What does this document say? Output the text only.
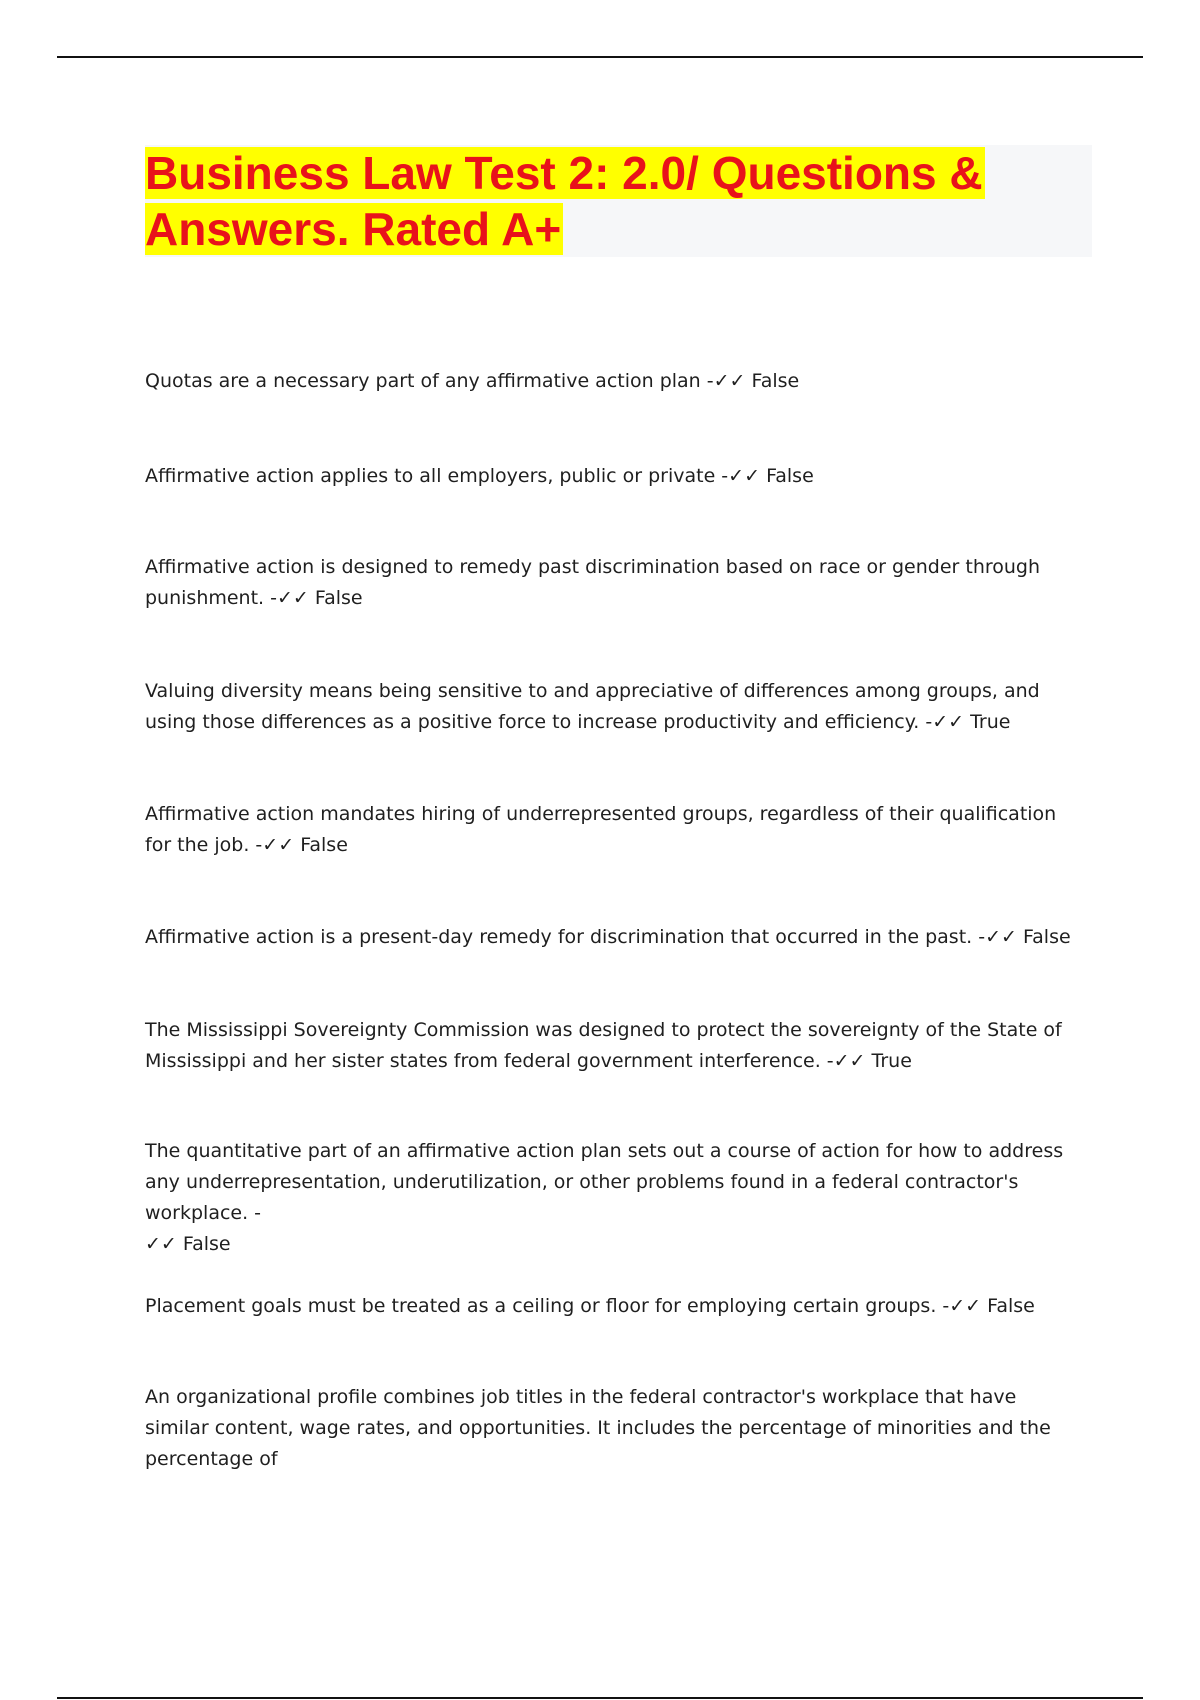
Business Law Test 2: 2.0/ Questions &
Answers. Rated A+

Quotas are a necessary part of any affirmative action plan -✓✓ False

Affirmative action applies to all employers, public or private -✓✓ False

Affirmative action is designed to remedy past discrimination based on race or gender through punishment. -✓✓ False

Valuing diversity means being sensitive to and appreciative of differences among groups, and using those differences as a positive force to increase productivity and efficiency. -✓✓ True

Affirmative action mandates hiring of underrepresented groups, regardless of their qualification for the job. -✓✓ False

Affirmative action is a present-day remedy for discrimination that occurred in the past. -✓✓ False

The Mississippi Sovereignty Commission was designed to protect the sovereignty of the State of Mississippi and her sister states from federal government interference. -✓✓ True

The quantitative part of an affirmative action plan sets out a course of action for how to address any underrepresentation, underutilization, or other problems found in a federal contractor's workplace. -
✓✓ False

Placement goals must be treated as a ceiling or floor for employing certain groups. -✓✓ False

An organizational profile combines job titles in the federal contractor's workplace that have similar content, wage rates, and opportunities. It includes the percentage of minorities and the percentage of
